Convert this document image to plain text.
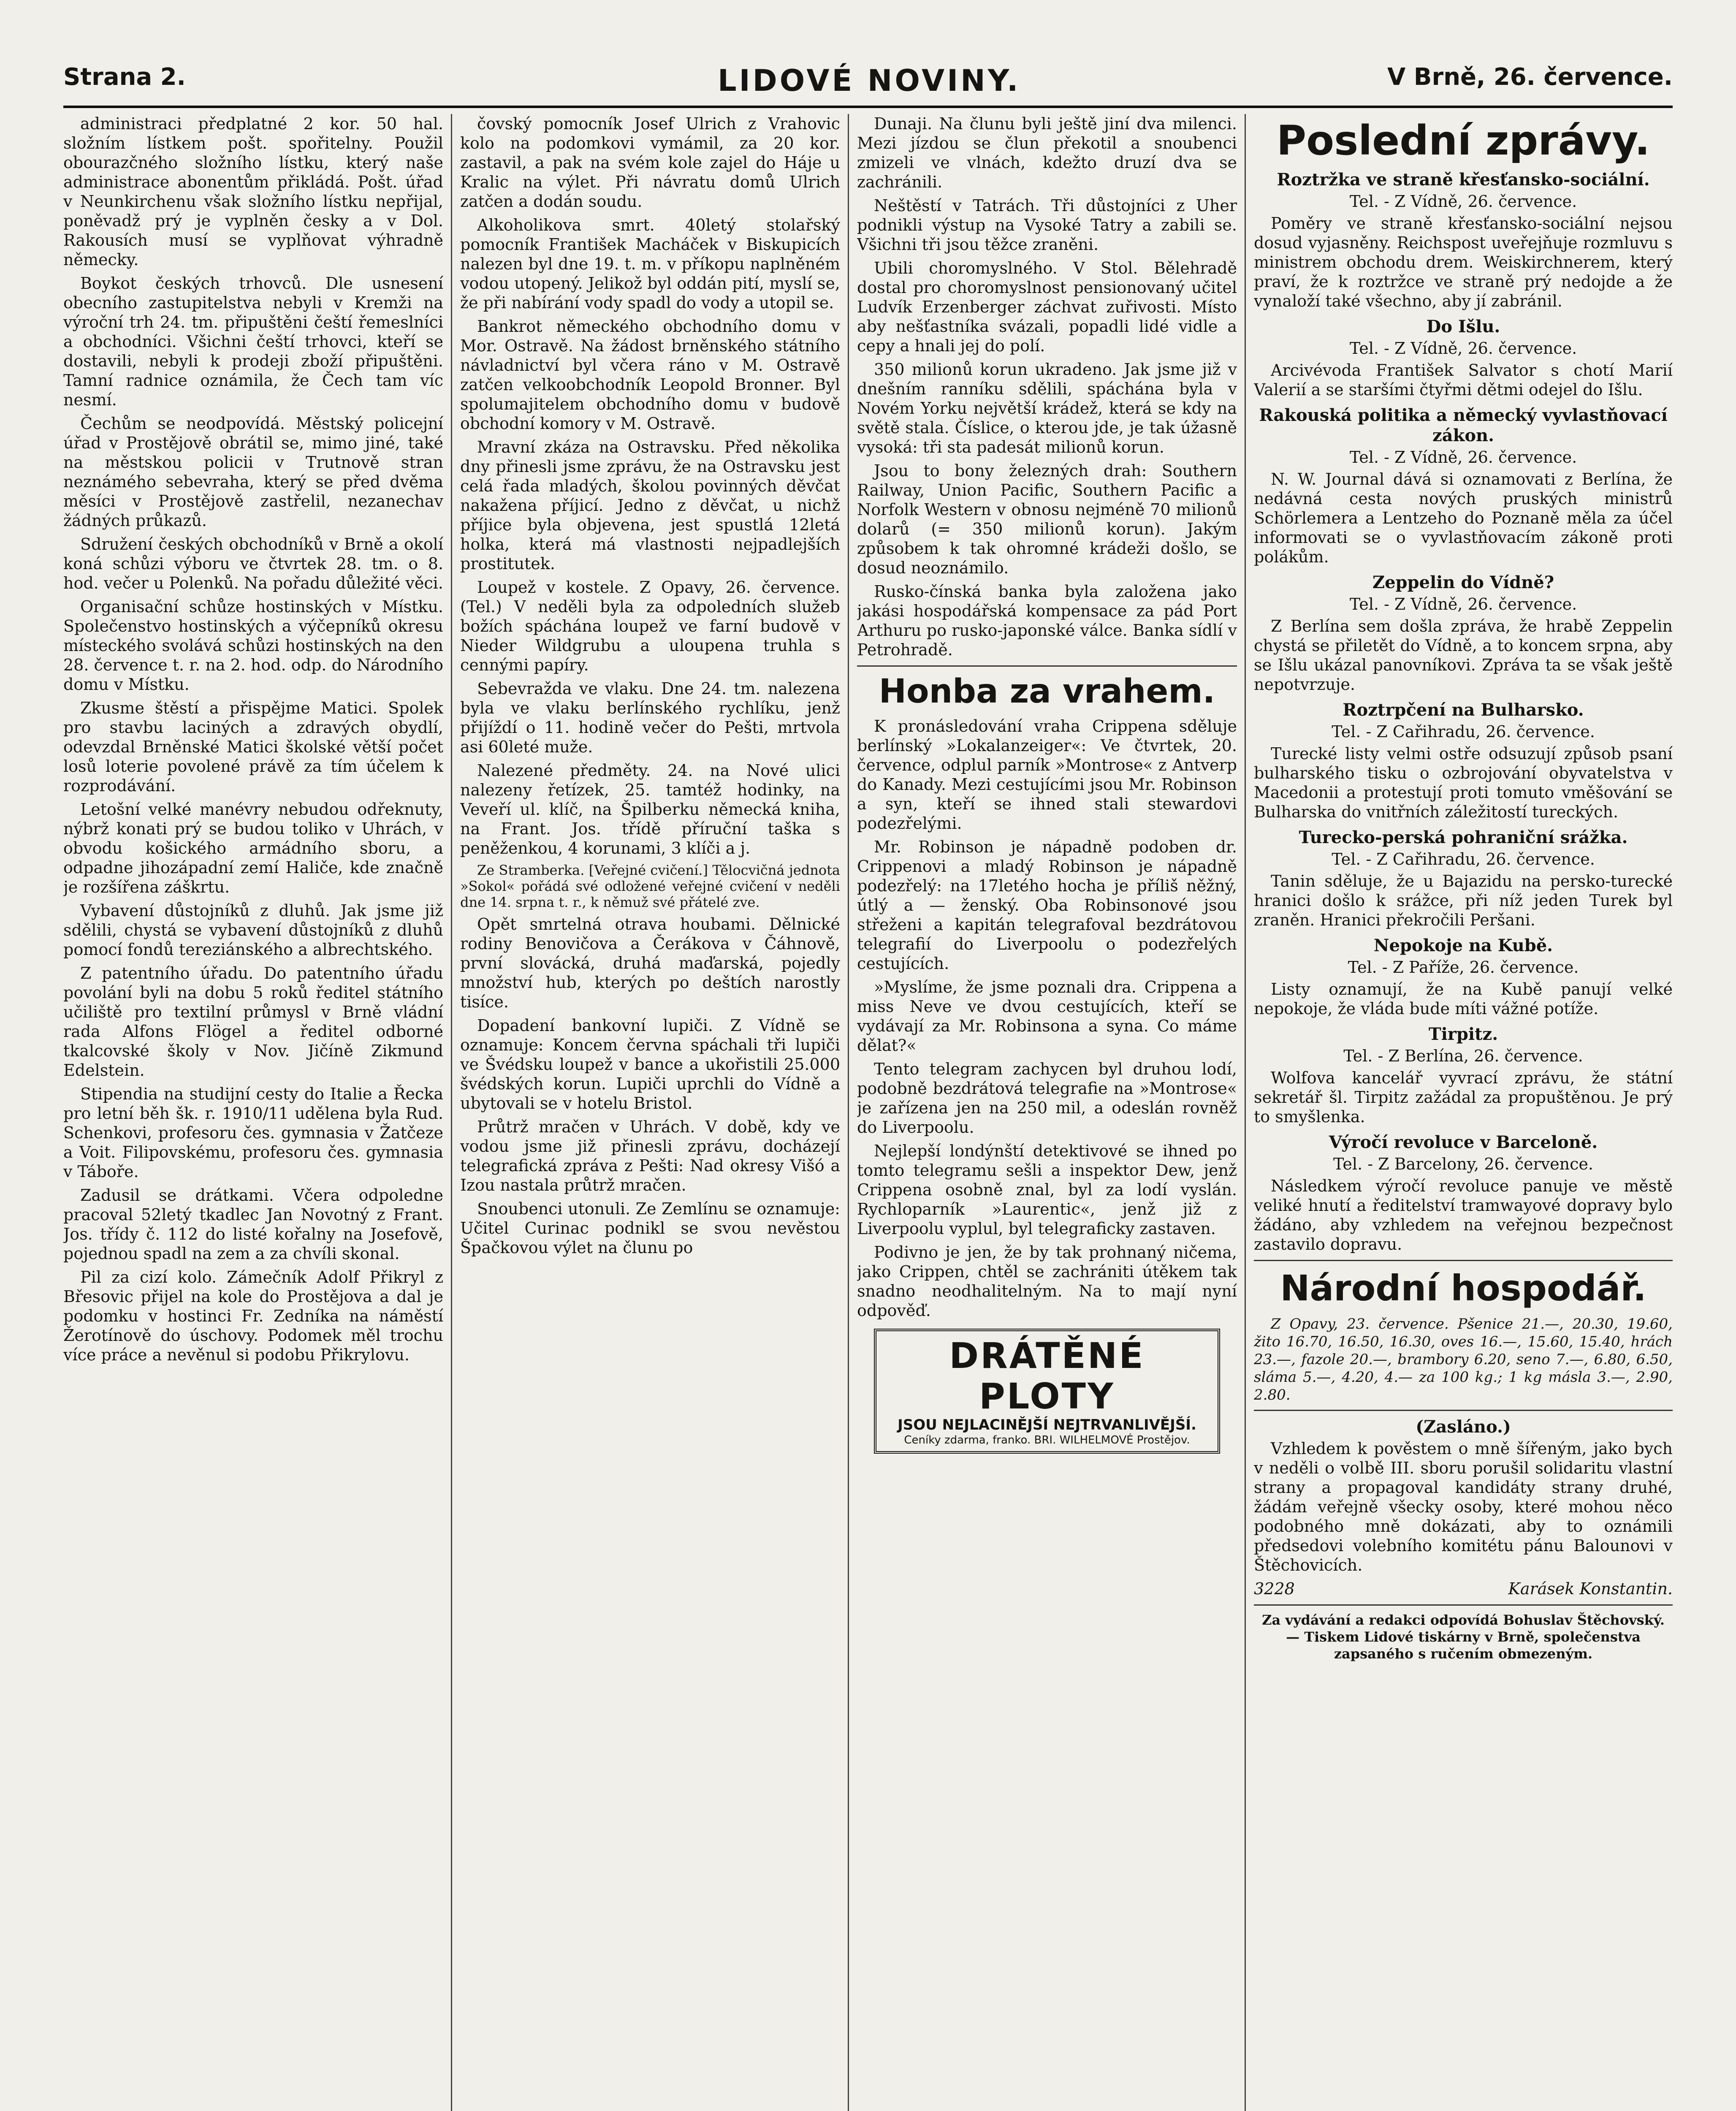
Strana 2.	LIDOVÉ NOVINY.	V Brně, 26. července.

administraci předplatné 2 kor. 50 hal. složním lístkem pošt. spořitelny. Použil obourazčného složního lístku, který naše administrace abonentům přikládá. Pošt. úřad v Neunkirchenu však složního lístku nepřijal, poněvadž prý je vyplněn česky a v Dol. Rakousích musí se vyplňovat výhradně německy.

Boykot českých trhovců. Dle usnesení obecního zastupitelstva nebyli v Kremži na výroční trh 24. tm. připuštěni čeští řemeslníci a obchodníci. Všichni čeští trhovci, kteří se dostavili, nebyli k prodeji zboží připuštěni. Tamní radnice oznámila, že Čech tam víc nesmí.

Čechům se neodpovídá. Městský policejní úřad v Prostějově obrátil se, mimo jiné, také na městskou policii v Trutnově stran neznámého sebevraha, který se před dvěma měsíci v Prostějově zastřelil, nezanechav žádných průkazů.

Sdružení českých obchodníků v Brně a okolí koná schůzi výboru ve čtvrtek 28. tm. o 8. hod. večer u Polenků. Na pořadu důležité věci.

Organisační schůze hostinských v Místku. Společenstvo hostinských a výčepníků okresu místeckého svolává schůzi hostinských na den 28. července t. r. na 2. hod. odp. do Národního domu v Místku.

Zkusme štěstí a přispějme Matici. Spolek pro stavbu laciných a zdravých obydlí, odevzdal Brněnské Matici školské větší počet losů loterie povolené právě za tím účelem k rozprodávání.

Letošní velké manévry nebudou odřeknuty, nýbrž konati prý se budou toliko v Uhrách, v obvodu košického armádního sboru, a odpadne jihozápadní zemí Haliče, kde značně je rozšířena záškrtu.

Vybavení důstojníků z dluhů. Jak jsme již sdělili, chystá se vybavení důstojníků z dluhů pomocí fondů tereziánského a albrechtského.

Z patentního úřadu. Do patentního úřadu povolání byli na dobu 5 roků ředitel státního učiliště pro textilní průmysl v Brně vládní rada Alfons Flögel a ředitel odborné tkalcovské školy v Nov. Jičíně Zikmund Edelstein.

Stipendia na studijní cesty do Italie a Řecka pro letní běh šk. r. 1910/11 udělena byla Rud. Schenkovi, profesoru čes. gymnasia v Žatčeze a Voit. Filipovskému, profesoru čes. gymnasia v Táboře.

Zadusil se drátkami. Včera odpoledne pracoval 52letý tkadlec Jan Novotný z Frant. Jos. třídy č. 112 do listé kořalny na Josefově, pojednou spadl na zem a za chvíli skonal.

Pil za cizí kolo. Zámečník Adolf Přikryl z Břesovic přijel na kole do Prostějova a dal je podomku v hostinci Fr. Zedníka na náměstí Žerotínově do úschovy. Podomek měl trochu více práce a nevěnul si podobu Přikrylovu.

čovský pomocník Josef Ulrich z Vrahovic kolo na podomkovi vymámil, za 20 kor. zastavil, a pak na svém kole zajel do Háje u Kralic na výlet. Při návratu domů Ulrich zatčen a dodán soudu.

Alkoholikova smrt. 40letý stolařský pomocník František Macháček v Biskupicích nalezen byl dne 19. t. m. v příkopu naplněném vodou utopený. Jelikož byl oddán pití, myslí se, že při nabírání vody spadl do vody a utopil se.

Bankrot německého obchodního domu v Mor. Ostravě. Na žádost brněnského státního návladnictví byl včera ráno v M. Ostravě zatčen velkoobchodník Leopold Bronner. Byl spolumajitelem obchodního domu v budově obchodní komory v M. Ostravě.

Mravní zkáza na Ostravsku. Před několika dny přinesli jsme zprávu, že na Ostravsku jest celá řada mladých, školou povinných děvčat nakažena příjicí. Jedno z děvčat, u nichž příjice byla objevena, jest spustlá 12letá holka, která má vlastnosti nejpadlejších prostitutek.

Loupež v kostele. Z Opavy, 26. července. (Tel.) V neděli byla za odpoledních služeb božích spáchána loupež ve farní budově v Nieder Wildgrubu a uloupena truhla s cennými papíry.

Sebevražda ve vlaku. Dne 24. tm. nalezena byla ve vlaku berlínského rychlíku, jenž přijíždí o 11. hodině večer do Pešti, mrtvola asi 60leté muže.

Nalezené předměty. 24. na Nové ulici nalezeny řetízek, 25. tamtéž hodinky, na Veveří ul. klíč, na Špilberku německá kniha, na Frant. Jos. třídě příruční taška s peněženkou, 4 korunami, 3 klíči a j.

Ze Stramberka. [Veřejné cvičení.] Tělocvičná jednota »Sokol« pořádá své odložené veřejné cvičení v neděli dne 14. srpna t. r., k němuž své přátelé zve.

Opět smrtelná otrava houbami. Dělnické rodiny Benovičova a Čerákova v Čáhnově, první slovácká, druhá maďarská, pojedly množství hub, kterých po deštích narostly tisíce.

Dopadení bankovní lupiči. Z Vídně se oznamuje: Koncem června spáchali tři lupiči ve Švédsku loupež v bance a ukořistili 25.000 švédských korun. Lupiči uprchli do Vídně a ubytovali se v hotelu Bristol.

Průtrž mračen v Uhrách. V době, kdy ve vodou jsme již přinesli zprávu, docházejí telegrafická zpráva z Pešti: Nad okresy Višó a Izou nastala průtrž mračen.

Snoubenci utonuli. Ze Zemlínu se oznamuje: Učitel Curinac podnikl se svou nevěstou Špačkovou výlet na člunu po

Dunaji. Na člunu byli ještě jiní dva milenci. Mezi jízdou se člun překotil a snoubenci zmizeli ve vlnách, kdežto druzí dva se zachránili.

Neštěstí v Tatrách. Tři důstojníci z Uher podnikli výstup na Vysoké Tatry a zabili se. Všichni tři jsou těžce zraněni.

Ubili choromyslného. V Stol. Bělehradě dostal pro choromyslnost pensionovaný učitel Ludvík Erzenberger záchvat zuřivosti. Místo aby nešťastníka svázali, popadli lidé vidle a cepy a hnali jej do polí.

350 milionů korun ukradeno. Jak jsme již v dnešním ranníku sdělili, spáchána byla v Novém Yorku největší krádež, která se kdy na světě stala. Číslice, o kterou jde, je tak úžasně vysoká: tři sta padesát milionů korun.

Jsou to bony železných drah: Southern Railway, Union Pacific, Southern Pacific a Norfolk Western v obnosu nejméně 70 milionů dolarů (= 350 milionů korun). Jakým způsobem k tak ohromné krádeži došlo, se dosud neoznámilo.

Rusko-čínská banka byla založena jako jakási hospodářská kompensace za pád Port Arthuru po rusko-japonské válce. Banka sídlí v Petrohradě.

Honba za vrahem.

K pronásledování vraha Crippena sděluje berlínský »Lokalanzeiger«: Ve čtvrtek, 20. července, odplul parník »Montrose« z Antverp do Kanady. Mezi cestujícími jsou Mr. Robinson a syn, kteří se ihned stali stewardovi podezřelými.

Mr. Robinson je nápadně podoben dr. Crippenovi a mladý Robinson je nápadně podezřelý: na 17letého hocha je příliš něžný, útlý a — ženský. Oba Robinsonové jsou střeženi a kapitán telegrafoval bezdrátovou telegrafií do Liverpoolu o podezřelých cestujících.

»Myslíme, že jsme poznali dra. Crippena a miss Neve ve dvou cestujících, kteří se vydávají za Mr. Robinsona a syna. Co máme dělat?«

Tento telegram zachycen byl druhou lodí, podobně bezdrátová telegrafie na »Montrose« je zařízena jen na 250 mil, a odeslán rovněž do Liverpoolu.

Nejlepší londýnští detektivové se ihned po tomto telegramu sešli a inspektor Dew, jenž Crippena osobně znal, byl za lodí vyslán. Rychloparník »Laurentic«, jenž již z Liverpoolu vyplul, byl telegraficky zastaven.

Podivno je jen, že by tak prohnaný ničema, jako Crippen, chtěl se zachrániti útěkem tak snadno neodhalitelným. Na to mají nyní odpověď.

DRÁTĚNÉ PLOTY
JSOU NEJLACINĚJŠÍ NEJTRVANLIVĚJŠÍ.
Ceníky zdarma, franko. BRI. WILHELMOVÉ Prostějov.
Poslední zprávy.
Roztržka ve straně křesťansko-sociální.
Tel. - Z Vídně, 26. července.

Poměry ve straně křesťansko-sociální nejsou dosud vyjasněny. Reichspost uveřejňuje rozmluvu s ministrem obchodu drem. Weiskirchnerem, který praví, že k roztržce ve straně prý nedojde a že vynaloží také všechno, aby jí zabránil.

Do Išlu.
Tel. - Z Vídně, 26. července.

Arcivévoda František Salvator s chotí Marií Valerií a se staršími čtyřmi dětmi odejel do Išlu.

Rakouská politika a německý vyvlastňovací zákon.
Tel. - Z Vídně, 26. července.

N. W. Journal dává si oznamovati z Berlína, že nedávná cesta nových pruských ministrů Schörlemera a Lentzeho do Poznaně měla za účel informovati se o vyvlastňovacím zákoně proti polákům.

Zeppelin do Vídně?
Tel. - Z Vídně, 26. července.

Z Berlína sem došla zpráva, že hrabě Zeppelin chystá se přiletět do Vídně, a to koncem srpna, aby se Išlu ukázal panovníkovi. Zpráva ta se však ještě nepotvrzuje.

Roztrpčení na Bulharsko.
Tel. - Z Cařihradu, 26. července.

Turecké listy velmi ostře odsuzují způsob psaní bulharského tisku o ozbrojování obyvatelstva v Macedonii a protestují proti tomuto vměšování se Bulharska do vnitřních záležitostí tureckých.

Turecko-perská pohraniční srážka.
Tel. - Z Cařihradu, 26. července.

Tanin sděluje, že u Bajazidu na persko-turecké hranici došlo k srážce, při níž jeden Turek byl zraněn. Hranici překročili Peršani.

Nepokoje na Kubě.
Tel. - Z Paříže, 26. července.

Listy oznamují, že na Kubě panují velké nepokoje, že vláda bude míti vážné potíže.

Tirpitz.
Tel. - Z Berlína, 26. července.

Wolfova kancelář vyvrací zprávu, že státní sekretář šl. Tirpitz zažádal za propuštěnou. Je prý to smyšlenka.

Výročí revoluce v Barceloně.
Tel. - Z Barcelony, 26. července.

Následkem výročí revoluce panuje ve městě veliké hnutí a ředitelství tramwayové dopravy bylo žádáno, aby vzhledem na veřejnou bezpečnost zastavilo dopravu.

Národní hospodář.

Z Opavy, 23. července. Pšenice 21.—, 20.30, 19.60, žito 16.70, 16.50, 16.30, oves 16.—, 15.60, 15.40, hrách 23.—, fazole 20.—, brambory 6.20, seno 7.—, 6.80, 6.50, sláma 5.—, 4.20, 4.— za 100 kg.; 1 kg másla 3.—, 2.90, 2.80.

(Zasláno.)

Vzhledem k pověstem o mně šířeným, jako bych v neděli o volbě III. sboru porušil solidaritu vlastní strany a propagoval kandidáty strany druhé, žádám veřejně všecky osoby, které mohou něco podobného mně dokázati, aby to oznámili předsedovi volebního komitétu pánu Balounovi v Štěchovicích.

3228	Karásek Konstantin.
Za vydávání a redakci odpovídá Bohuslav Štěchovský. — Tiskem Lidové tiskárny v Brně, společenstva zapsaného s ručením obmezeným.
